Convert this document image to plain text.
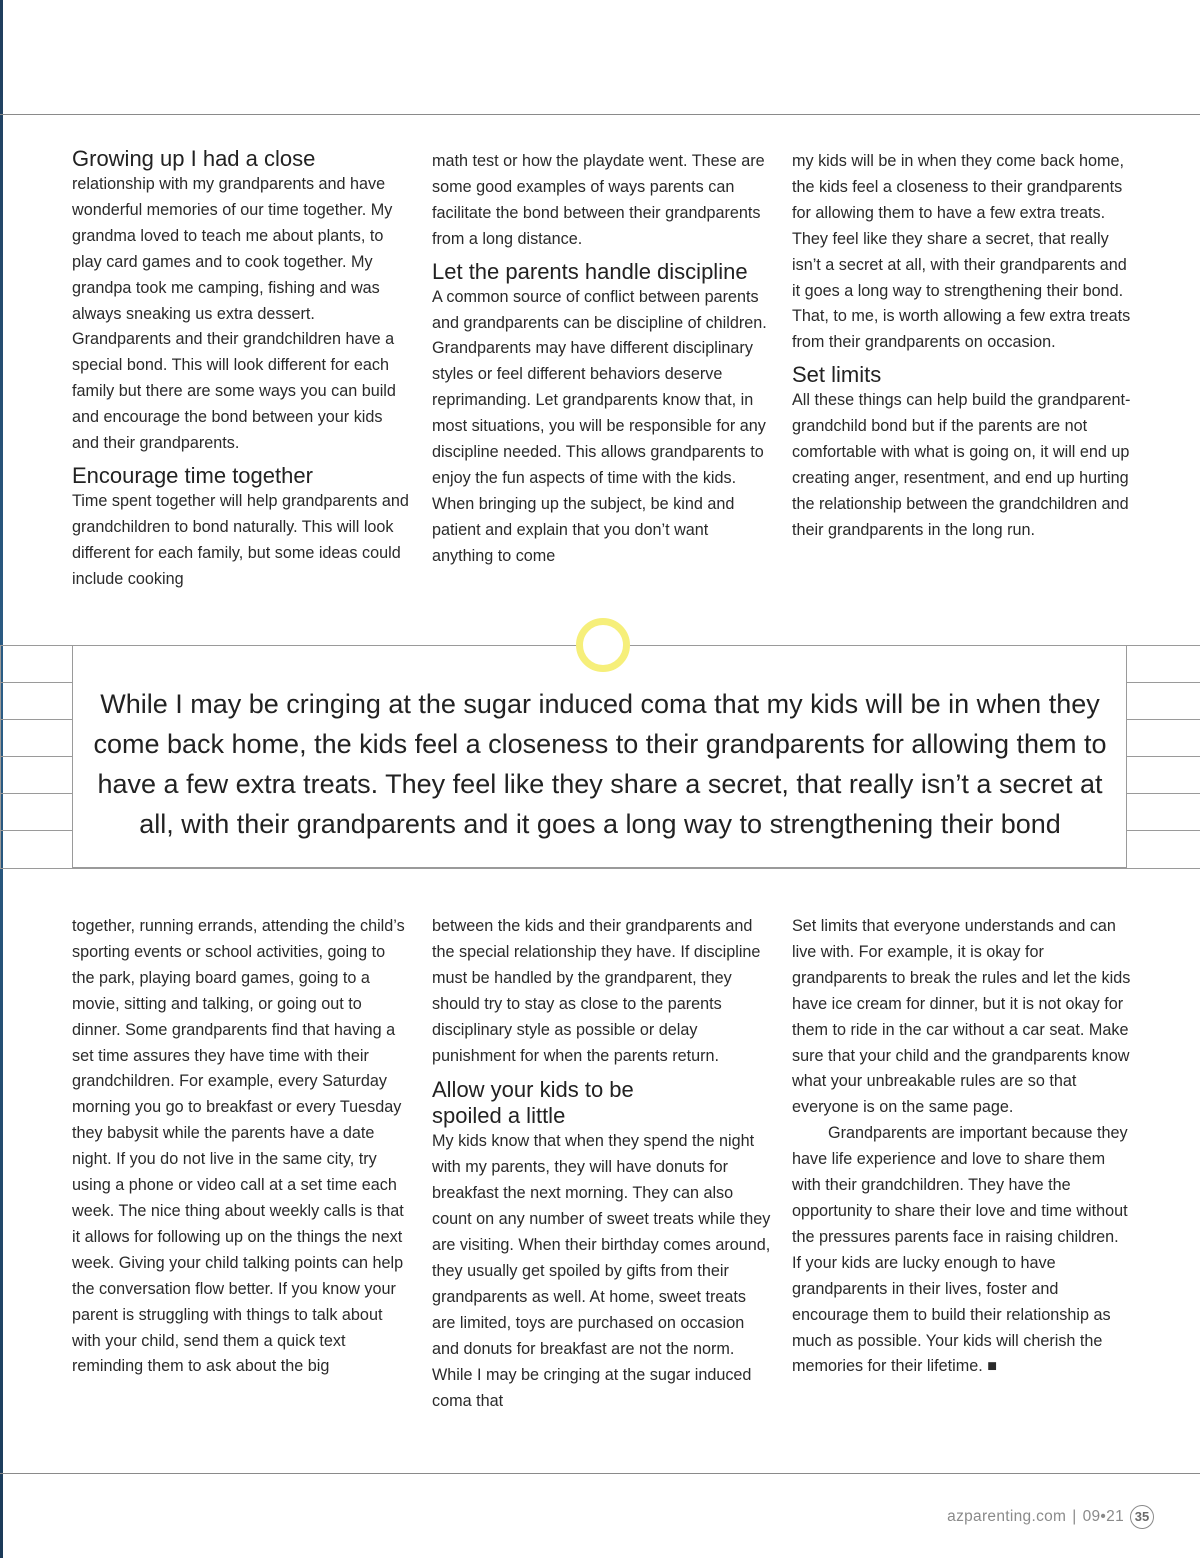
Growing up I had a close

relationship with my grandparents and have wonderful memories of our time together. My grandma loved to teach me about plants, to play card games and to cook together. My grandpa took me camping, fishing and was always sneaking us extra dessert. Grandparents and their grandchildren have a special bond. This will look different for each family but there are some ways you can build and encourage the bond between your kids and their grandparents.

Encourage time together

Time spent together will help grandparents and grandchildren to bond naturally. This will look different for each family, but some ideas could include cooking

math test or how the playdate went. These are some good examples of ways parents can facilitate the bond between their grandparents from a long distance.

Let the parents handle discipline

A common source of conflict between parents and grandparents can be discipline of children. Grandparents may have different disciplinary styles or feel different behaviors deserve reprimanding. Let grandparents know that, in most situations, you will be responsible for any discipline needed. This allows grandparents to enjoy the fun aspects of time with the kids. When bringing up the subject, be kind and patient and explain that you don’t want anything to come

my kids will be in when they come back home, the kids feel a closeness to their grandparents for allowing them to have a few extra treats. They feel like they share a secret, that really isn’t a secret at all, with their grandparents and it goes a long way to strengthening their bond. That, to me, is worth allowing a few extra treats from their grandparents on occasion.

Set limits

All these things can help build the grandparent-grandchild bond but if the parents are not comfortable with what is going on, it will end up creating anger, resentment, and end up hurting the relationship between the grandchildren and their grandparents in the long run.

While I may be cringing at the sugar induced coma that my kids will be in when they come back home, the kids feel a closeness to their grandparents for allowing them to have a few extra treats. They feel like they share a secret, that really isn’t a secret at all, with their grandparents and it goes a long way to strengthening their bond

together, running errands, attending the child’s sporting events or school activities, going to the park, playing board games, going to a movie, sitting and talking, or going out to dinner. Some grandparents find that having a set time assures they have time with their grandchildren. For example, every Saturday morning you go to breakfast or every Tuesday they babysit while the parents have a date night. If you do not live in the same city, try using a phone or video call at a set time each week. The nice thing about weekly calls is that it allows for following up on the things the next week. Giving your child talking points can help the conversation flow better. If you know your parent is struggling with things to talk about with your child, send them a quick text reminding them to ask about the big

between the kids and their grandparents and the special relationship they have. If discipline must be handled by the grandparent, they should try to stay as close to the parents disciplinary style as possible or delay punishment for when the parents return.

Allow your kids to be
spoiled a little

My kids know that when they spend the night with my parents, they will have donuts for breakfast the next morning. They can also count on any number of sweet treats while they are visiting. When their birthday comes around, they usually get spoiled by gifts from their grandparents as well. At home, sweet treats are limited, toys are purchased on occasion and donuts for breakfast are not the norm. While I may be cringing at the sugar induced coma that

Set limits that everyone understands and can live with. For example, it is okay for grandparents to break the rules and let the kids have ice cream for dinner, but it is not okay for them to ride in the car without a car seat. Make sure that your child and the grandparents know what your unbreakable rules are so that everyone is on the same page.

Grandparents are important because they have life experience and love to share them with their grandchildren. They have the opportunity to share their love and time without the pressures parents face in raising children. If your kids are lucky enough to have grandparents in their lives, foster and encourage them to build their relationship as much as possible. Your kids will cherish the memories for their lifetime. ■

azparenting.com | 09•21 35
